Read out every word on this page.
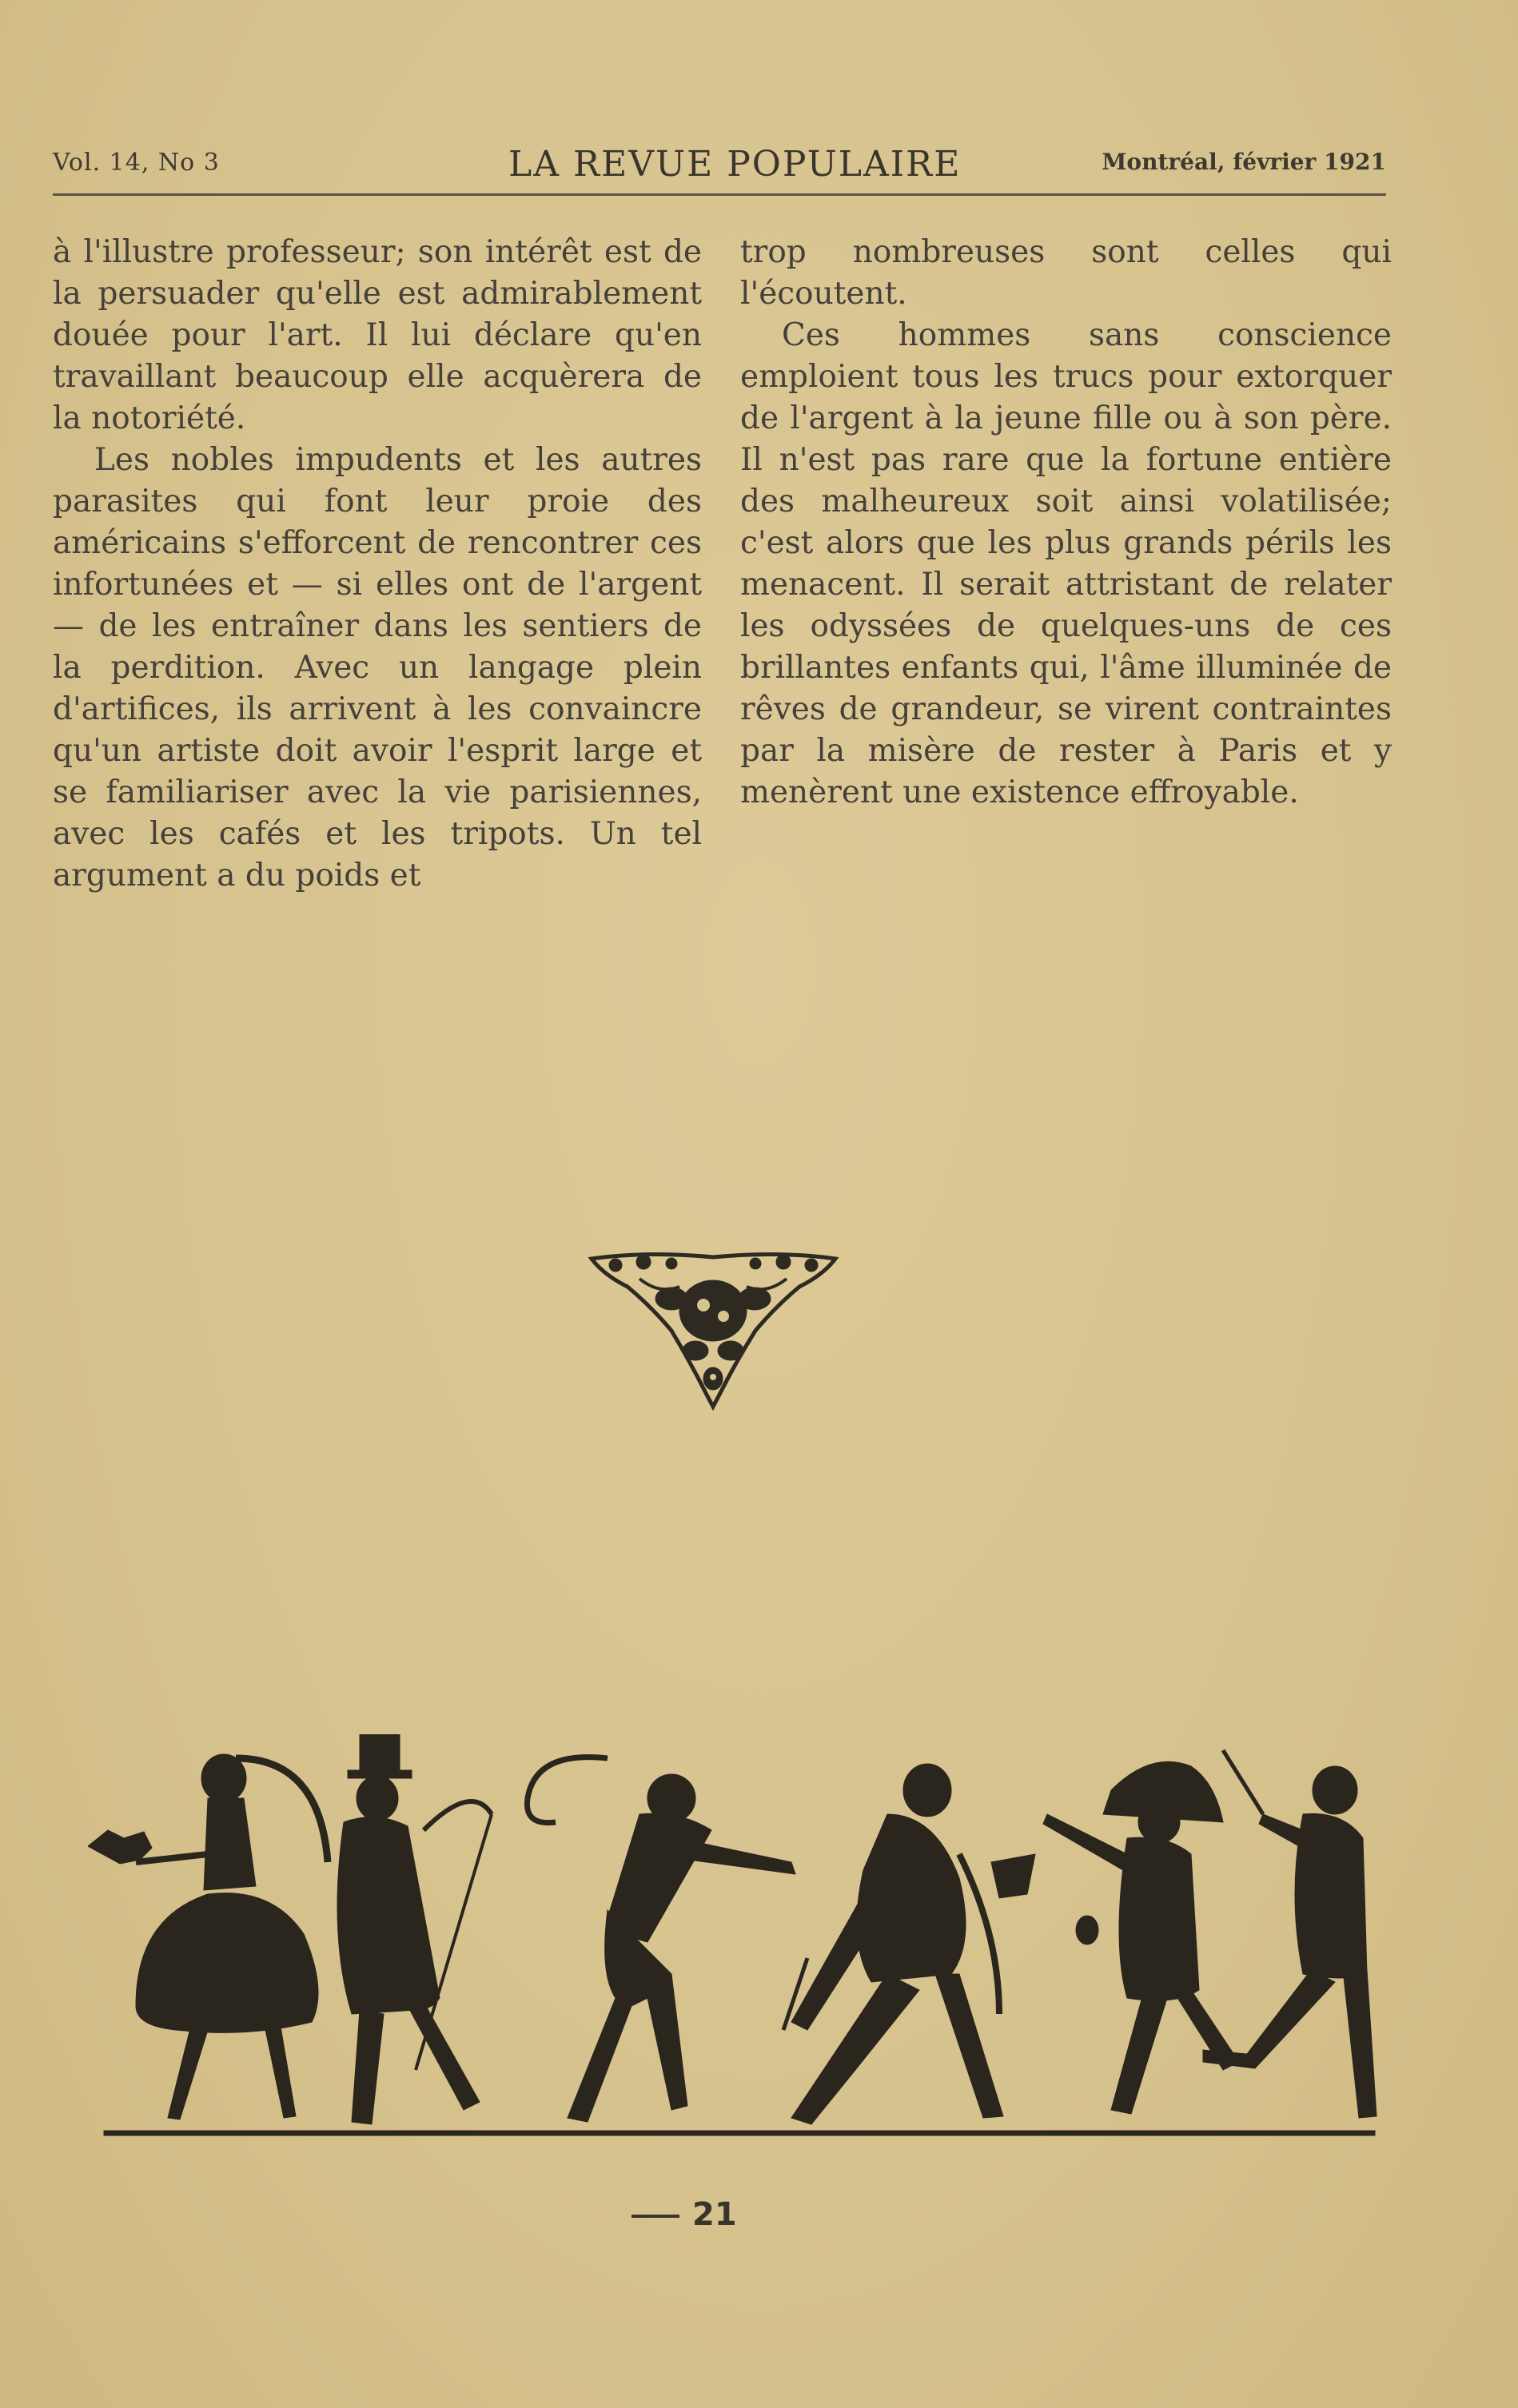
Vol. 14, No 3	LA REVUE POPULAIRE	Montréal, février 1921

à l'illustre professeur; son intérêt est de la persuader qu'elle est admirablement douée pour l'art. Il lui déclare qu'en travaillant beaucoup elle acquèrera de la notoriété.

Les nobles impudents et les autres parasites qui font leur proie des américains s'efforcent de rencontrer ces infortunées et — si elles ont de l'argent — de les entraîner dans les sentiers de la perdition. Avec un langage plein d'artifices, ils arrivent à les convaincre qu'un artiste doit avoir l'esprit large et se familiariser avec la vie parisiennes, avec les cafés et les tripots. Un tel argument a du poids et

trop nombreuses sont celles qui l'écoutent.

Ces hommes sans conscience emploient tous les trucs pour extorquer de l'argent à la jeune fille ou à son père. Il n'est pas rare que la fortune entière des malheureux soit ainsi volatilisée; c'est alors que les plus grands périls les menacent. Il serait attristant de relater les odyssées de quelques-uns de ces brillantes enfants qui, l'âme illuminée de rêves de grandeur, se virent contraintes par la misère de rester à Paris et y menèrent une existence effroyable.

21
